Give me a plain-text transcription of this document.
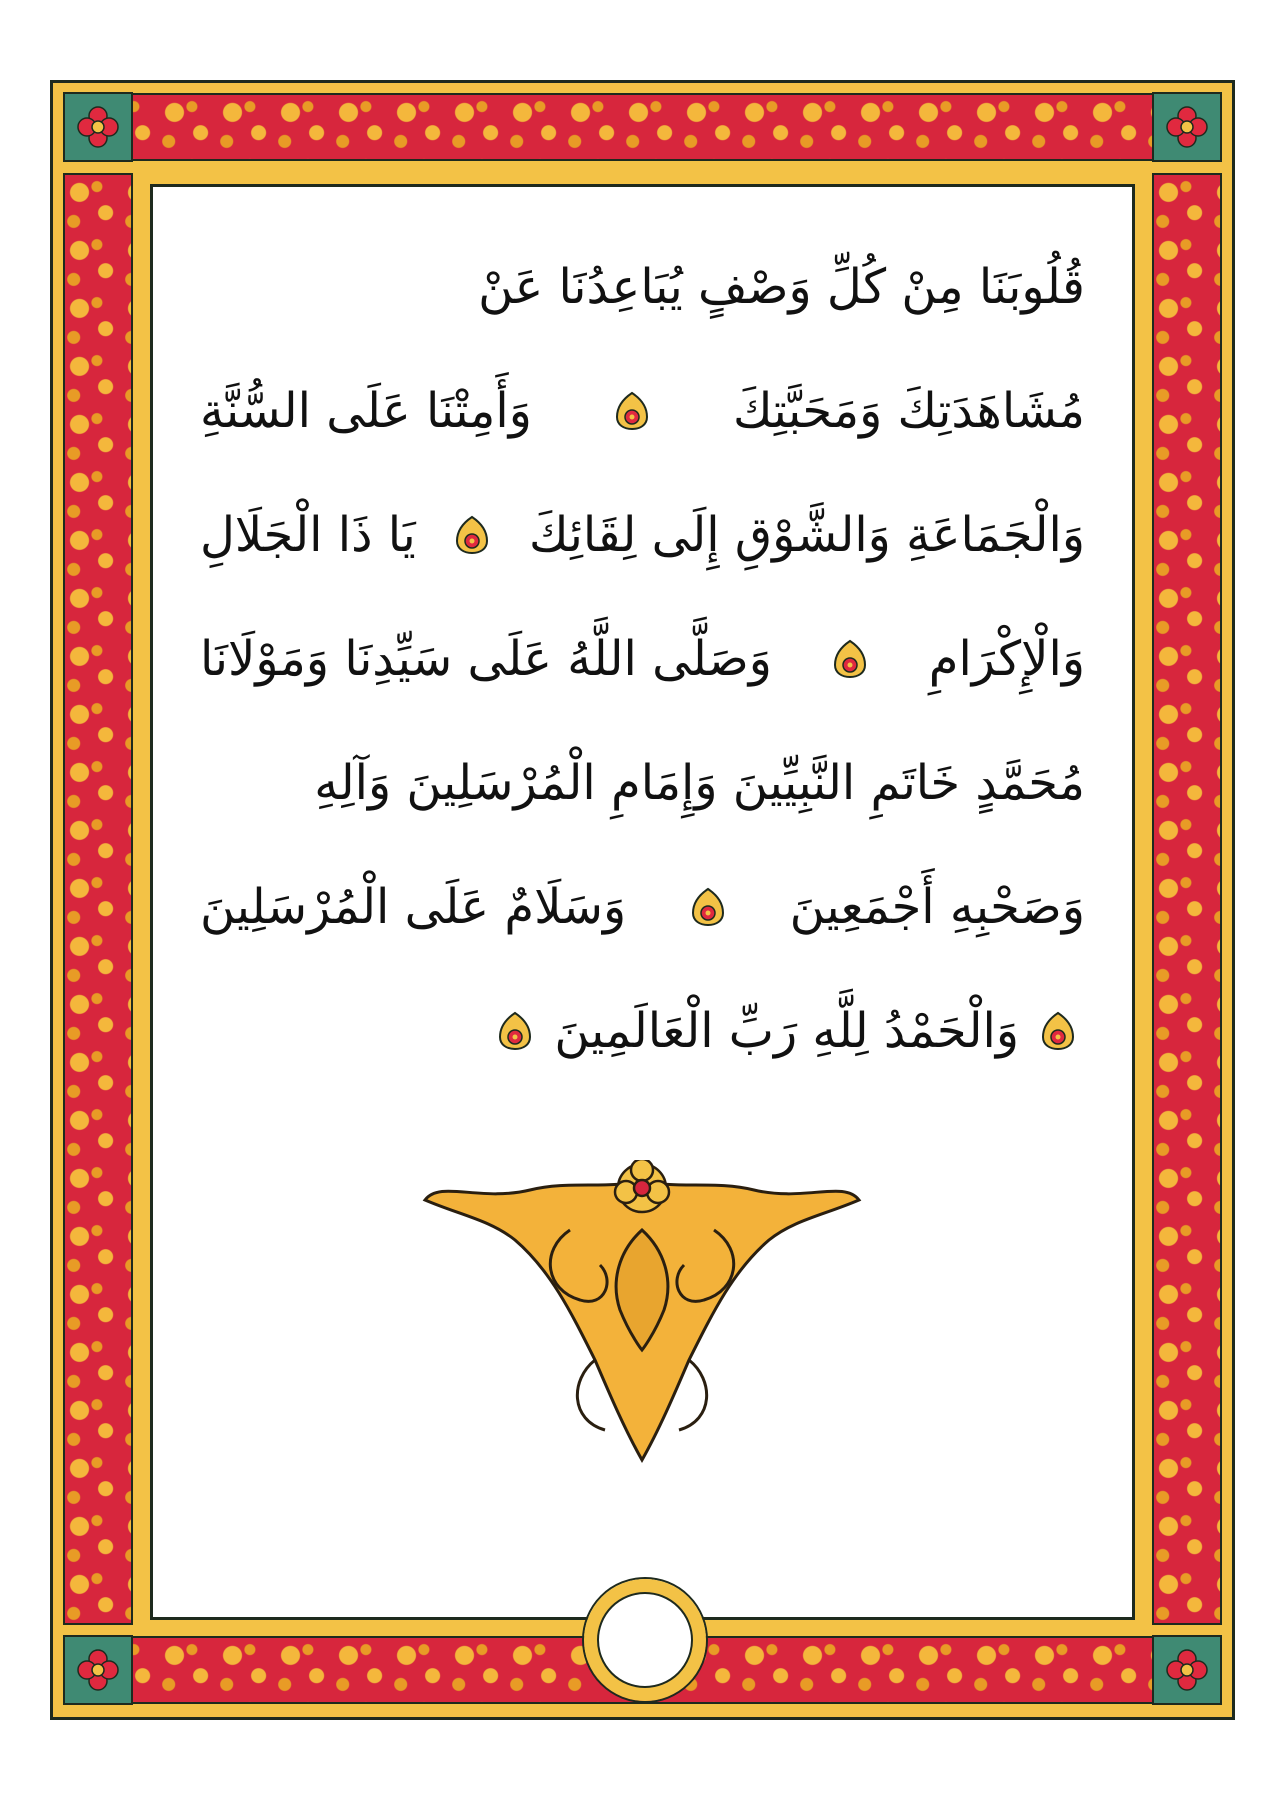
قُلُوبَنَا مِنْ كُلِّ وَصْفٍ يُبَاعِدُنَا عَنْ
مُشَاهَدَتِكَ وَمَحَبَّتِكَ
وَأَمِتْنَا عَلَى السُّنَّةِ
وَالْجَمَاعَةِ وَالشَّوْقِ إِلَى لِقَائِكَ
يَا ذَا الْجَلَالِ
وَالْإِكْرَامِ
وَصَلَّى اللَّهُ عَلَى سَيِّدِنَا وَمَوْلَانَا
مُحَمَّدٍ خَاتَمِ النَّبِيِّينَ وَإِمَامِ الْمُرْسَلِينَ وَآلِهِ
وَصَحْبِهِ أَجْمَعِينَ
وَسَلَامٌ عَلَى الْمُرْسَلِينَ
وَالْحَمْدُ لِلَّهِ رَبِّ الْعَالَمِينَ
